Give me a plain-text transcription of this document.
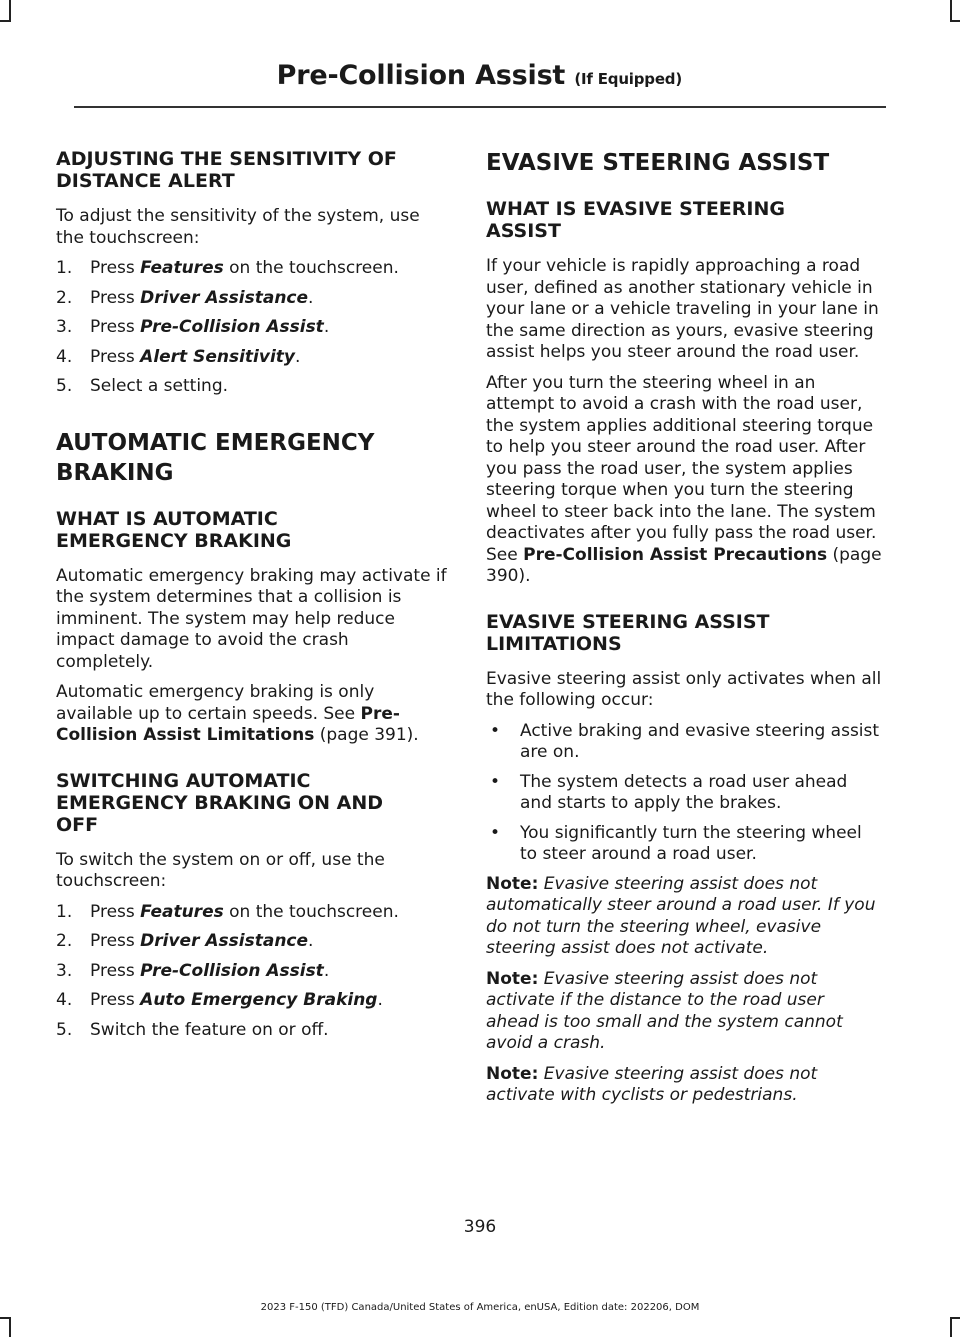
Pre-Collision Assist (If Equipped)
ADJUSTING THE SENSITIVITY OF
DISTANCE ALERT

To adjust the sensitivity of the system, use the touchscreen:

1. Press Features on the touchscreen.
2. Press Driver Assistance.
3. Press Pre-Collision Assist.
4. Press Alert Sensitivity.
5. Select a setting.
AUTOMATIC EMERGENCY
BRAKING
WHAT IS AUTOMATIC
EMERGENCY BRAKING

Automatic emergency braking may activate if the system determines that a collision is imminent. The system may help reduce impact damage to avoid the crash completely.

Automatic emergency braking is only available up to certain speeds. See Pre-Collision Assist Limitations (page 391).

SWITCHING AUTOMATIC
EMERGENCY BRAKING ON AND
OFF

To switch the system on or off, use the touchscreen:

1. Press Features on the touchscreen.
2. Press Driver Assistance.
3. Press Pre-Collision Assist.
4. Press Auto Emergency Braking.
5. Switch the feature on or off.
EVASIVE STEERING ASSIST
WHAT IS EVASIVE STEERING
ASSIST

If your vehicle is rapidly approaching a road user, defined as another stationary vehicle in your lane or a vehicle traveling in your lane in the same direction as yours, evasive steering assist helps you steer around the road user.

After you turn the steering wheel in an attempt to avoid a crash with the road user, the system applies additional steering torque to help you steer around the road user. After you pass the road user, the system applies steering torque when you turn the steering wheel to steer back into the lane. The system deactivates after you fully pass the road user. See Pre-Collision Assist Precautions (page 390).

EVASIVE STEERING ASSIST
LIMITATIONS

Evasive steering assist only activates when all the following occur:

• Active braking and evasive steering assist are on.
• The system detects a road user ahead and starts to apply the brakes.
• You significantly turn the steering wheel to steer around a road user.
Note: Evasive steering assist does not automatically steer around a road user. If you do not turn the steering wheel, evasive steering assist does not activate.
Note: Evasive steering assist does not activate if the distance to the road user ahead is too small and the system cannot avoid a crash.
Note: Evasive steering assist does not activate with cyclists or pedestrians.
396
2023 F-150 (TFD) Canada/United States of America, enUSA, Edition date: 202206, DOM
